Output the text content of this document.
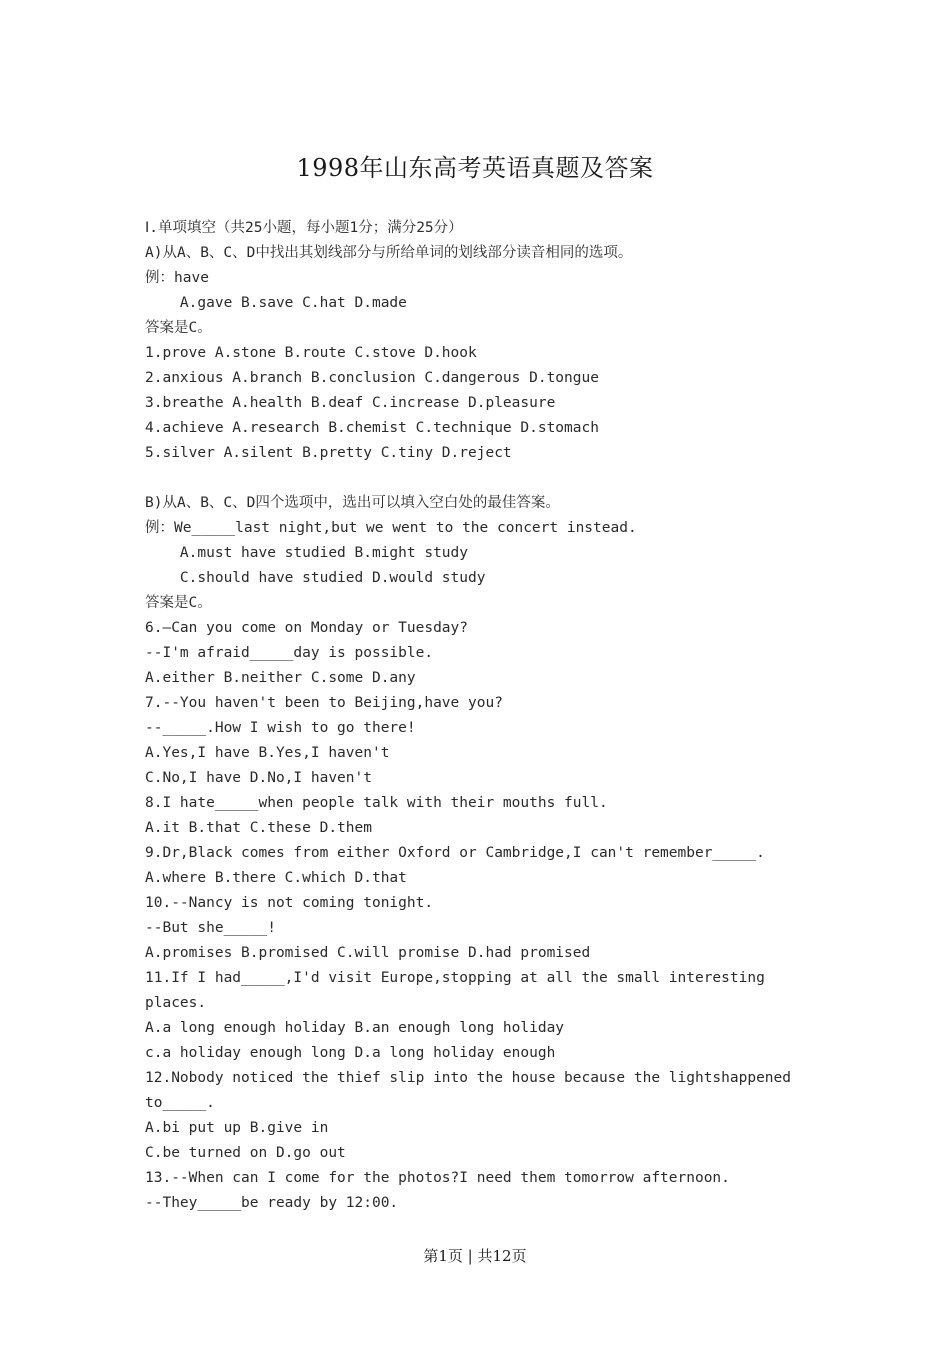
1998年山东高考英语真题及答案
Ⅰ.单项填空（共25小题，每小题1分；满分25分）
A)从A、B、C、D中找出其划线部分与所给单词的划线部分读音相同的选项。
例：have
A.gave B.save C.hat D.made
答案是C。
1.prove A.stone B.route C.stove D.hook
2.anxious A.branch B.conclusion C.dangerous D.tongue
3.breathe A.health B.deaf C.increase D.pleasure
4.achieve A.research B.chemist C.technique D.stomach
5.silver A.silent B.pretty C.tiny D.reject
B)从A、B、C、D四个选项中，选出可以填入空白处的最佳答案。
例：We_____last night,but we went to the concert instead.
A.must have studied B.might study
C.should have studied D.would study
答案是C。
6.—Can you come on Monday or Tuesday?
--I'm afraid_____day is possible.
A.either B.neither C.some D.any
7.--You haven't been to Beijing,have you?
--_____.How I wish to go there!
A.Yes,I have B.Yes,I haven't
C.No,I have D.No,I haven't
8.I hate_____when people talk with their mouths full.
A.it B.that C.these D.them
9.Dr,Black comes from either Oxford or Cambridge,I can't remember_____.
A.where B.there C.which D.that
10.--Nancy is not coming tonight.
--But she_____!
A.promises B.promised C.will promise D.had promised
11.If I had_____,I'd visit Europe,stopping at all the small interesting
places.
A.a long enough holiday B.an enough long holiday
c.a holiday enough long D.a long holiday enough
12.Nobody noticed the thief slip into the house because the lightshappened
to_____.
A.bi put up B.give in
C.be turned on D.go out
13.--When can I come for the photos?I need them tomorrow afternoon.
--They_____be ready by 12:00.
第1页 | 共12页
